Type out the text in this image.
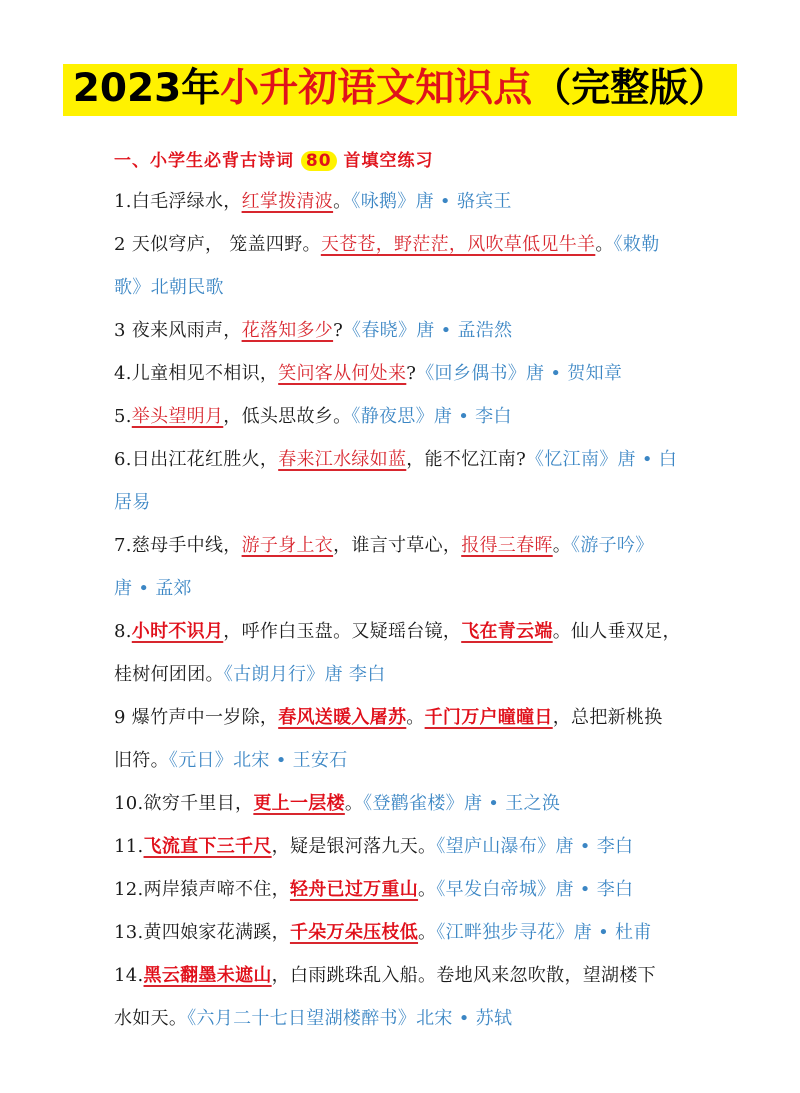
2023年小升初语文知识点（完整版）
一、小学生必背古诗词 80 首填空练习
1.白毛浮绿水，红掌拨清波。《咏鹅》唐 • 骆宾王
2 天似穹庐， 笼盖四野。天苍苍，野茫茫，风吹草低见牛羊。《敕勒
歌》北朝民歌
3 夜来风雨声，花落知多少?《春晓》唐 • 孟浩然
4.儿童相见不相识，笑问客从何处来?《回乡偶书》唐 • 贺知章
5.举头望明月，低头思故乡。《静夜思》唐 • 李白
6.日出江花红胜火，春来江水绿如蓝，能不忆江南?《忆江南》唐 • 白
居易
7.慈母手中线，游子身上衣，谁言寸草心，报得三春晖。《游子吟》
唐 • 孟郊
8.小时不识月，呼作白玉盘。又疑瑶台镜，飞在青云端。仙人垂双足，
桂树何团团。《古朗月行》唐 李白
9 爆竹声中一岁除，春风送暖入屠苏。千门万户曈曈日，总把新桃换
旧符。《元日》北宋 • 王安石
10.欲穷千里目，更上一层楼。《登鹳雀楼》唐 • 王之涣
11.飞流直下三千尺，疑是银河落九天。《望庐山瀑布》唐 • 李白
12.两岸猿声啼不住，轻舟已过万重山。《早发白帝城》唐 • 李白
13.黄四娘家花满蹊，千朵万朵压枝低。《江畔独步寻花》唐 • 杜甫
14.黑云翻墨未遮山，白雨跳珠乱入船。卷地风来忽吹散，望湖楼下
水如天。《六月二十七日望湖楼醉书》北宋 • 苏轼
